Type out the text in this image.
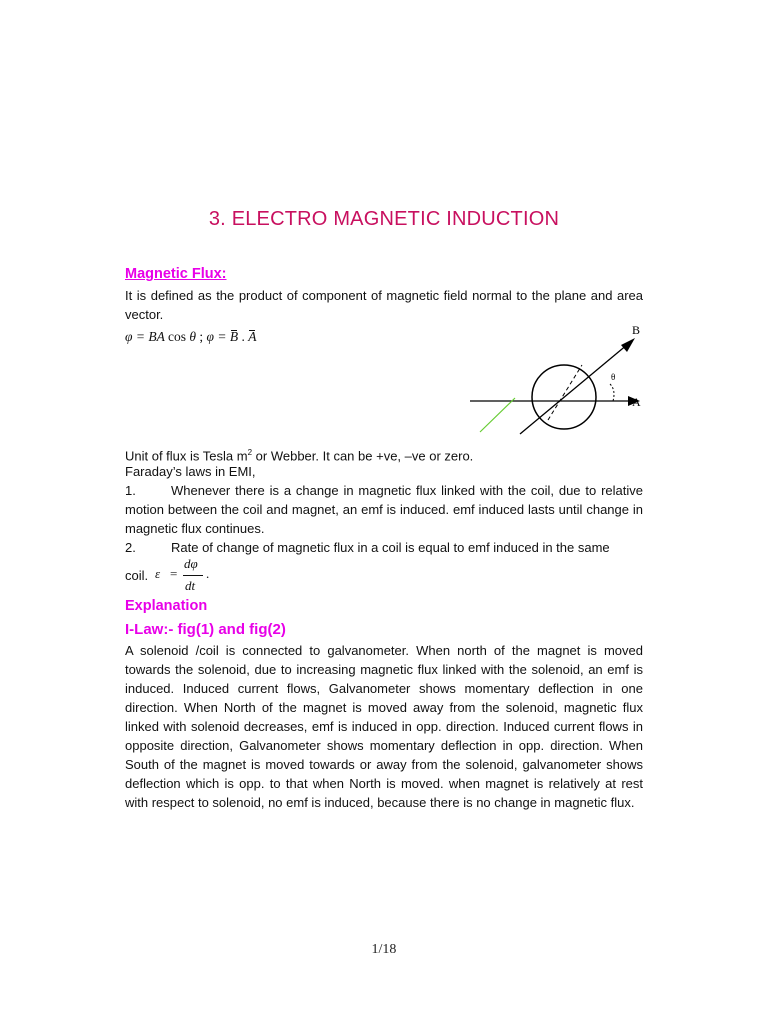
3. ELECTRO MAGNETIC INDUCTION
Magnetic Flux:
It is defined as the product of component of magnetic field normal to the plane and area vector.
φ = BA cos θ ; φ = B . A	B
A
θ
Unit of flux is Tesla $m^2$ or Webber. It can be +ve, –ve or zero.
Faraday’s laws in EMI,
1.	Whenever there is a change in magnetic flux linked with the coil, due to relative motion between the coil and magnet, an emf is induced. emf induced lasts until change in magnetic flux continues.
2.	Rate of change of magnetic flux in a coil is equal to emf induced in the same
coil. ε =
dφ
dt
.
Explanation
I-Law:- fig(1) and fig(2)
A solenoid /coil is connected to galvanometer. When north of the magnet is moved towards the solenoid, due to increasing magnetic flux linked with the solenoid, an emf is induced. Induced current flows, Galvanometer shows momentary deflection in one direction. When North of the magnet is moved away from the solenoid, magnetic flux linked with solenoid decreases, emf is induced in opp. direction. Induced current flows in opposite direction, Galvanometer shows momentary deflection in opp. direction. When South of the magnet is moved towards or away from the solenoid, galvanometer shows deflection which is opp. to that when North is moved. when magnet is relatively at rest with respect to solenoid, no emf is induced, because there is no change in magnetic flux.
1/18
